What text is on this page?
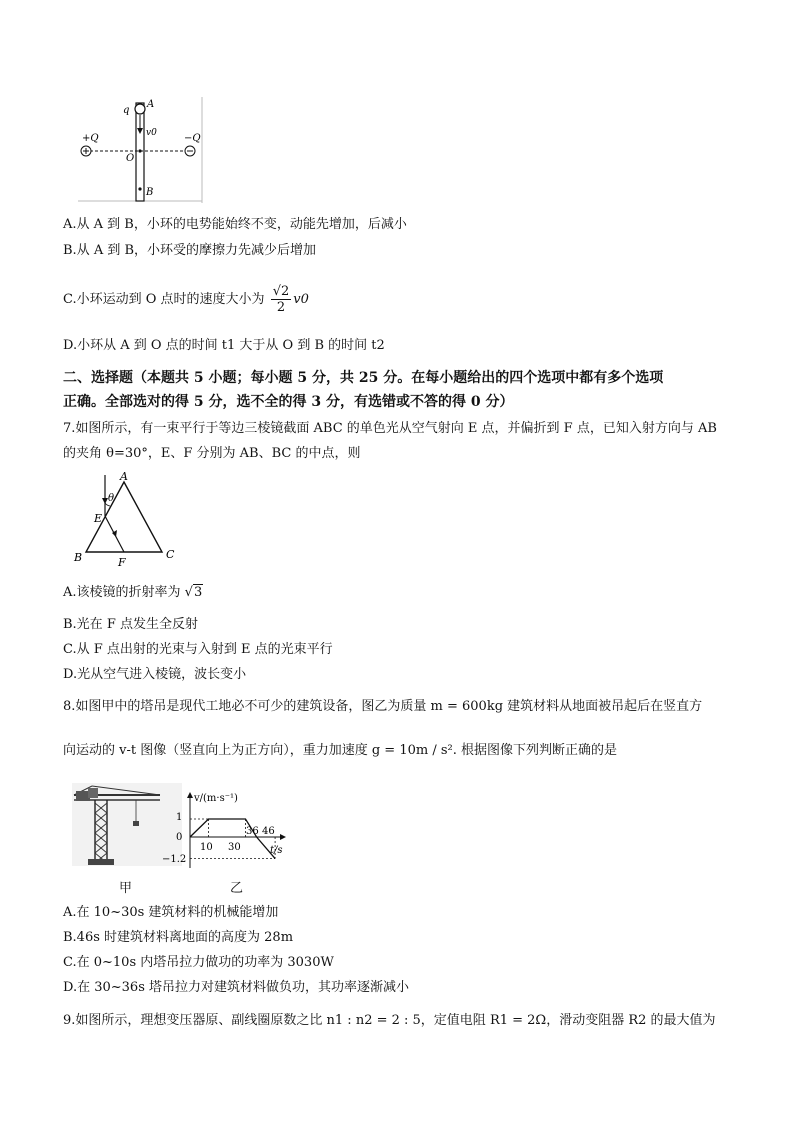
q
A
v0
+Q	−Q
O
B
A.从 A 到 B，小环的电势能始终不变，动能先增加，后减小
B.从 A 到 B，小环受的摩擦力先减少后增加
C.小环运动到 O 点时的速度大小为 $\frac{√2}{2} v0$
D.小环从 A 到 O 点的时间 t1 大于从 O 到 B 的时间 t2
二、选择题（本题共 5 小题；每小题 5 分，共 25 分。在每小题给出的四个选项中都有多个选项
正确。全部选对的得 5 分，选不全的得 3 分，有选错或不答的得 0 分）
7.如图所示，有一束平行于等边三棱镜截面 ABC 的单色光从空气射向 E 点，并偏折到 F 点，已知入射方向与 AB
的夹角 θ=30°，E、F 分别为 AB、BC 的中点，则
A
B	C
E
F
θ
A.该棱镜的折射率为 √3
B.光在 F 点发生全反射
C.从 F 点出射的光束与入射到 E 点的光束平行
D.光从空气进入棱镜，波长变小
8.如图甲中的塔吊是现代工地必不可少的建筑设备，图乙为质量 m = 600kg 建筑材料从地面被吊起后在竖直方
向运动的 v-t 图像（竖直向上为正方向），重力加速度 g = 10m / s². 根据图像下列判断正确的是
v/(m·s⁻¹)
t/s
1
0
−1.2
10 30
36 46
甲	乙
A.在 10~30s 建筑材料的机械能增加
B.46s 时建筑材料离地面的高度为 28m
C.在 0~10s 内塔吊拉力做功的功率为 3030W
D.在 30~36s 塔吊拉力对建筑材料做负功，其功率逐渐减小
9.如图所示，理想变压器原、副线圈原数之比 n1 : n2 = 2 : 5，定值电阻 R1 = 2Ω，滑动变阻器 R2 的最大值为
